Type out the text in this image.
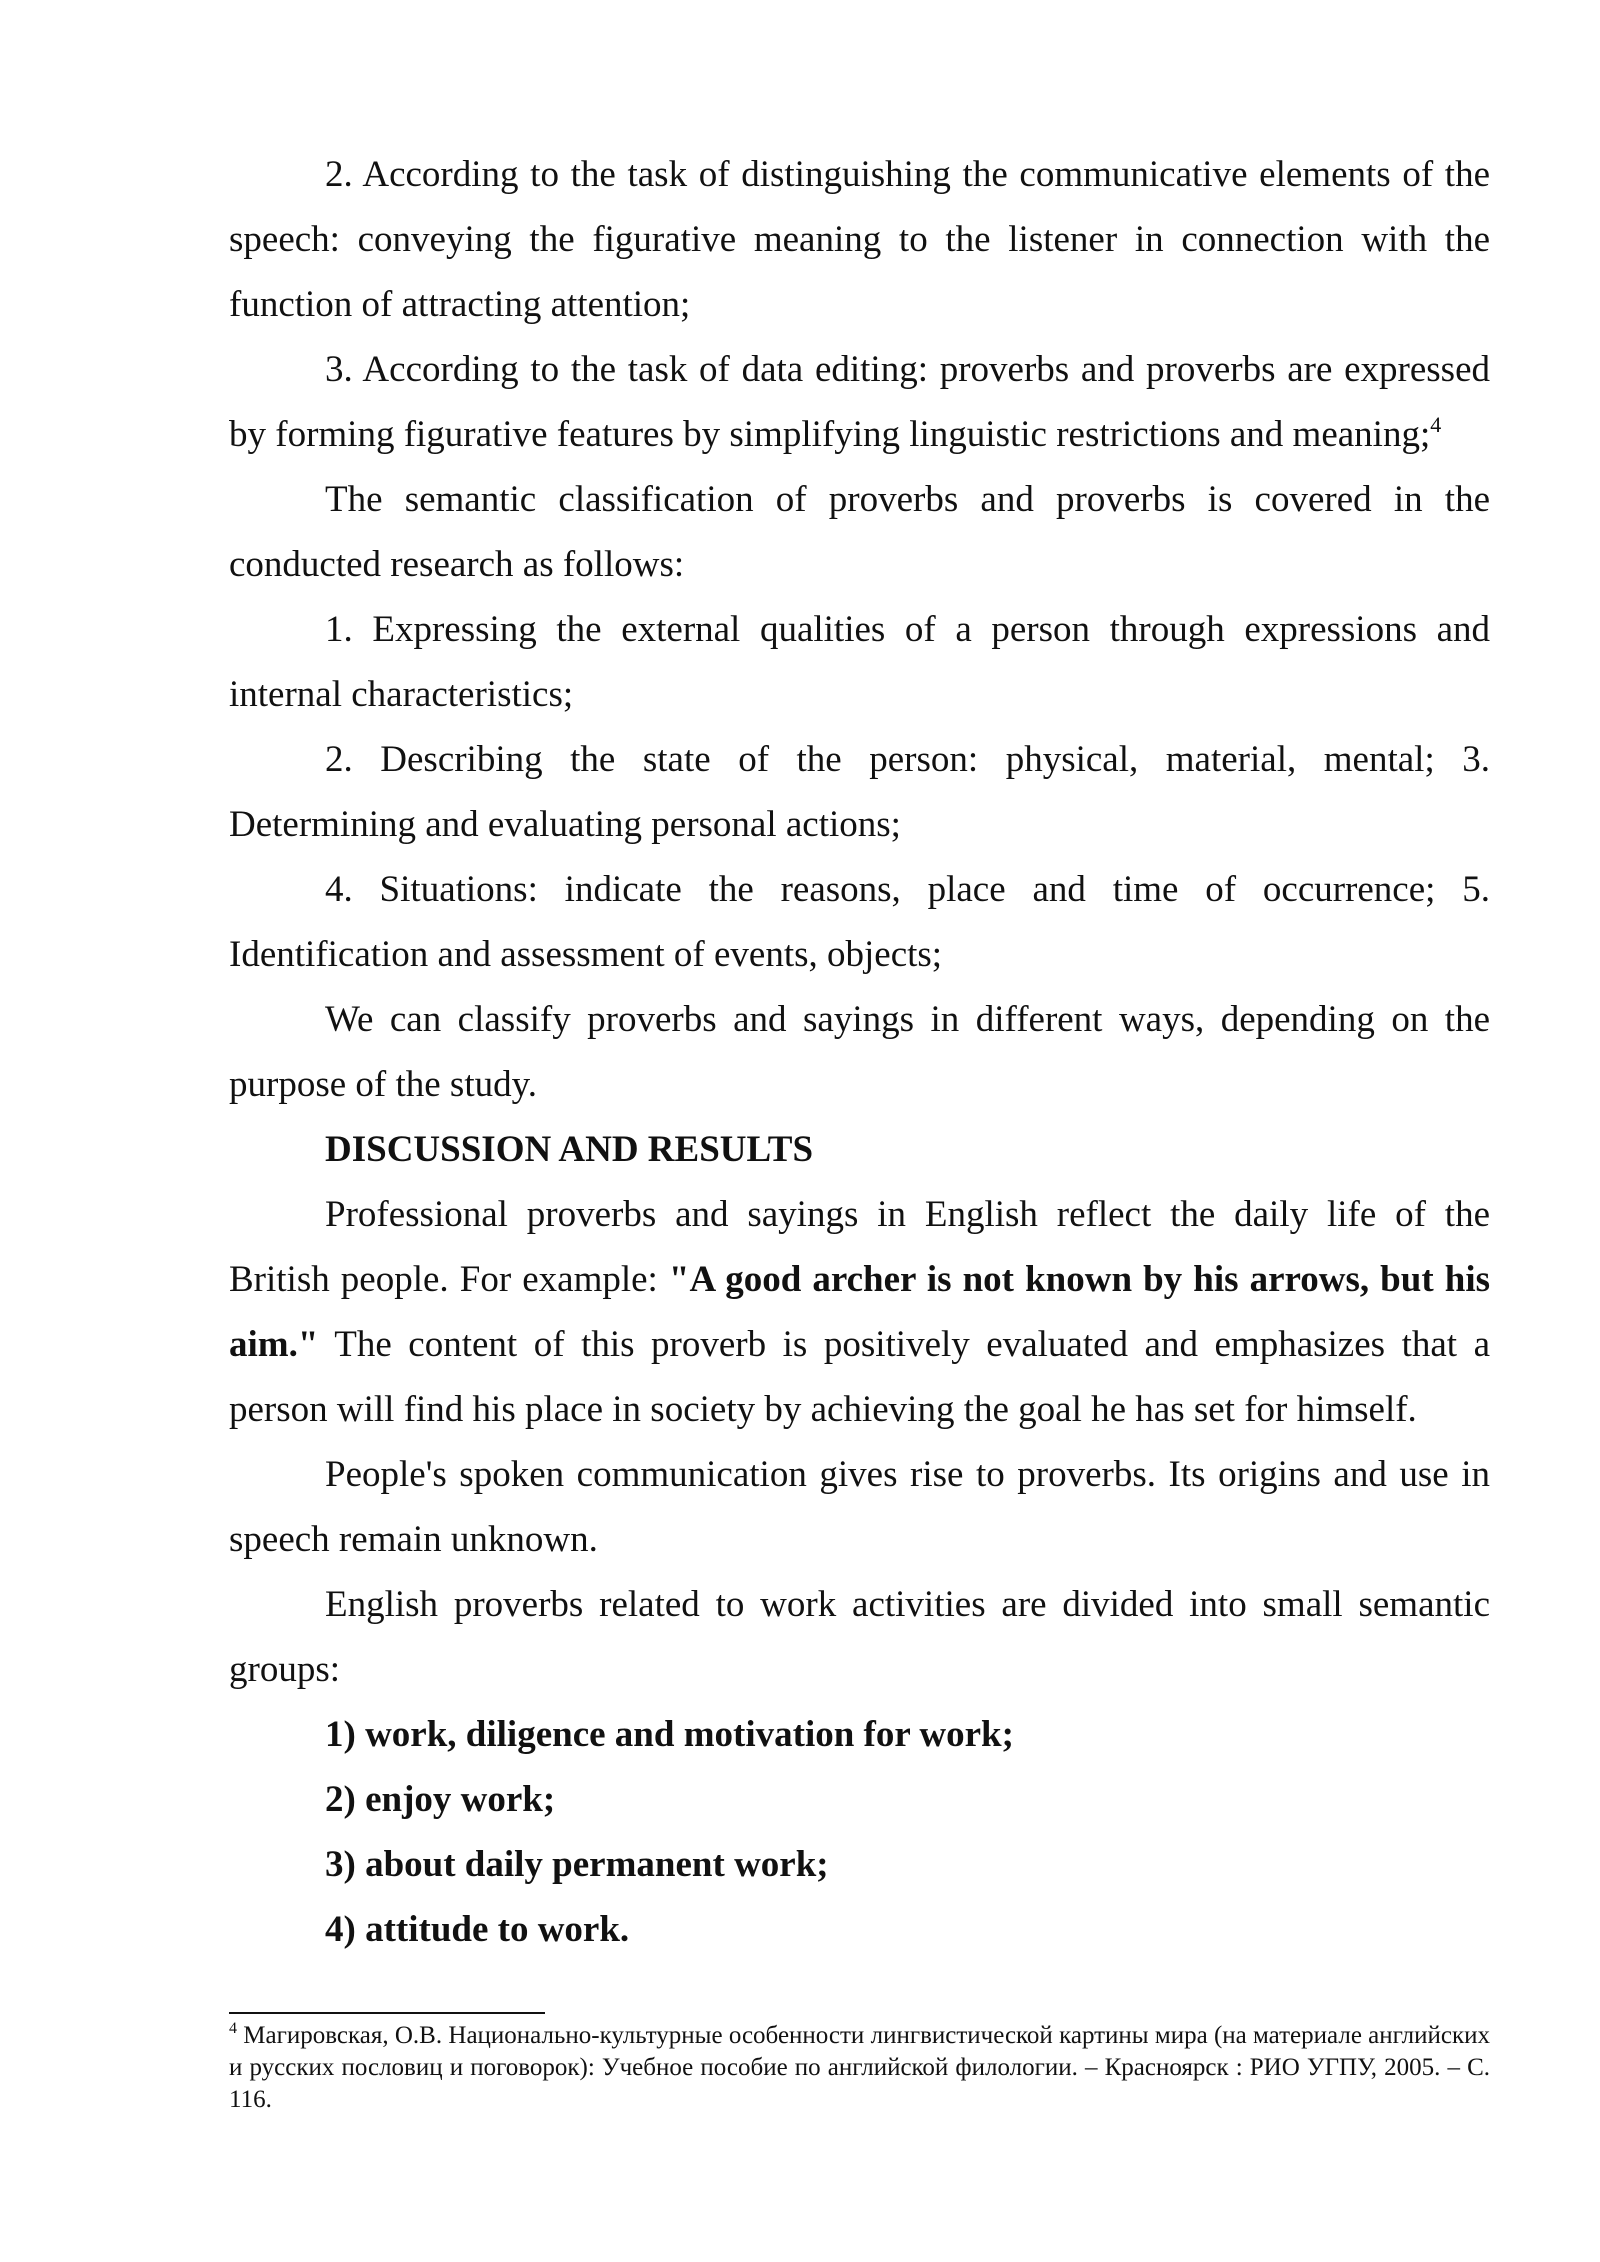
2. According to the task of distinguishing the communicative elements of the speech: conveying the figurative meaning to the listener in connection with the function of attracting attention;

3. According to the task of data editing: proverbs and proverbs are expressed by forming figurative features by simplifying linguistic restrictions and meaning;$^4$

The semantic classification of proverbs and proverbs is covered in the conducted research as follows:

1. Expressing the external qualities of a person through expressions and internal characteristics;

2. Describing the state of the person: physical, material, mental; 3. Determining and evaluating personal actions;

4. Situations: indicate the reasons, place and time of occurrence; 5. Identification and assessment of events, objects;

We can classify proverbs and sayings in different ways, depending on the purpose of the study.

DISCUSSION AND RESULTS

Professional proverbs and sayings in English reflect the daily life of the British people. For example: "A good archer is not known by his arrows, but his aim." The content of this proverb is positively evaluated and emphasizes that a person will find his place in society by achieving the goal he has set for himself.

People's spoken communication gives rise to proverbs. Its origins and use in speech remain unknown.

English proverbs related to work activities are divided into small semantic groups:

1) work, diligence and motivation for work;

2) enjoy work;

3) about daily permanent work;

4) attitude to work.

$^4$ Магировская, О.В. Национально-культурные особенности лингвистической картины мира (на материале английских и русских пословиц и поговорок): Учебное пособие по английской филологии. – Красноярск : РИО УГПУ, 2005. – С. 116.
